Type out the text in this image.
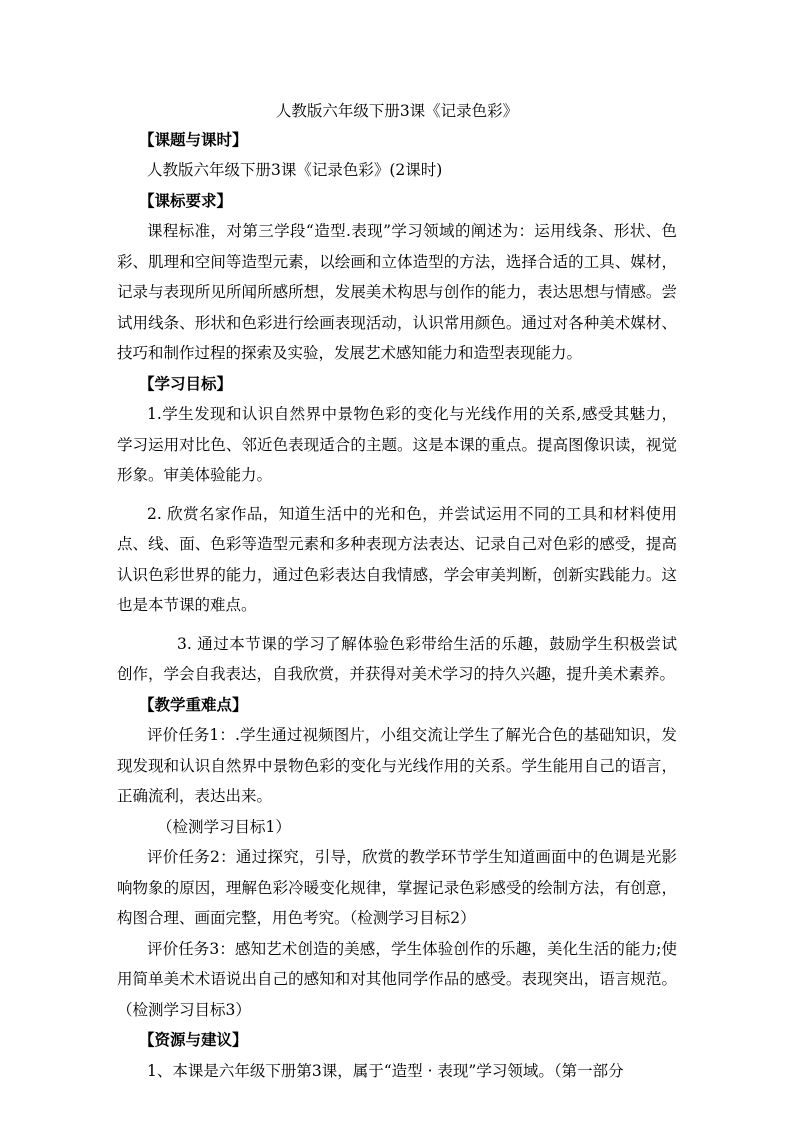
人教版六年级下册3课《记录色彩》

【课题与课时】

人教版六年级下册3课《记录色彩》(2课时)

【课标要求】

课程标准，对第三学段“造型.表现”学习领域的阐述为：运用线条、形状、色彩、肌理和空间等造型元素，以绘画和立体造型的方法，选择合适的工具、媒材，记录与表现所见所闻所感所想，发展美术构思与创作的能力，表达思想与情感。尝试用线条、形状和色彩进行绘画表现活动，认识常用颜色。通过对各种美术媒材、技巧和制作过程的探索及实验，发展艺术感知能力和造型表现能力。

【学习目标】

1.学生发现和认识自然界中景物色彩的变化与光线作用的关系,感受其魅力，学习运用对比色、邻近色表现适合的主题。这是本课的重点。提高图像识读，视觉形象。审美体验能力。

2. 欣赏名家作品，知道生活中的光和色，并尝试运用不同的工具和材料使用点、线、面、色彩等造型元素和多种表现方法表达、记录自己对色彩的感受，提高认识色彩世界的能力，通过色彩表达自我情感，学会审美判断，创新实践能力。这也是本节课的难点。

3. 通过本节课的学习了解体验色彩带给生活的乐趣，鼓励学生积极尝试创作，学会自我表达，自我欣赏，并获得对美术学习的持久兴趣，提升美术素养。

【教学重难点】

评价任务1：.学生通过视频图片，小组交流让学生了解光合色的基础知识，发现发现和认识自然界中景物色彩的变化与光线作用的关系。学生能用自己的语言，正确流利，表达出来。

（检测学习目标1）

评价任务2：通过探究，引导，欣赏的教学环节学生知道画面中的色调是光影响物象的原因，理解色彩冷暖变化规律，掌握记录色彩感受的绘制方法，有创意，构图合理、画面完整，用色考究。（检测学习目标2）

评价任务3：感知艺术创造的美感，学生体验创作的乐趣，美化生活的能力;使用简单美术术语说出自己的感知和对其他同学作品的感受。表现突出，语言规范。（检测学习目标3）

【资源与建议】

1、本课是六年级下册第3课，属于“造型 · 表现”学习领域。（第一部分
